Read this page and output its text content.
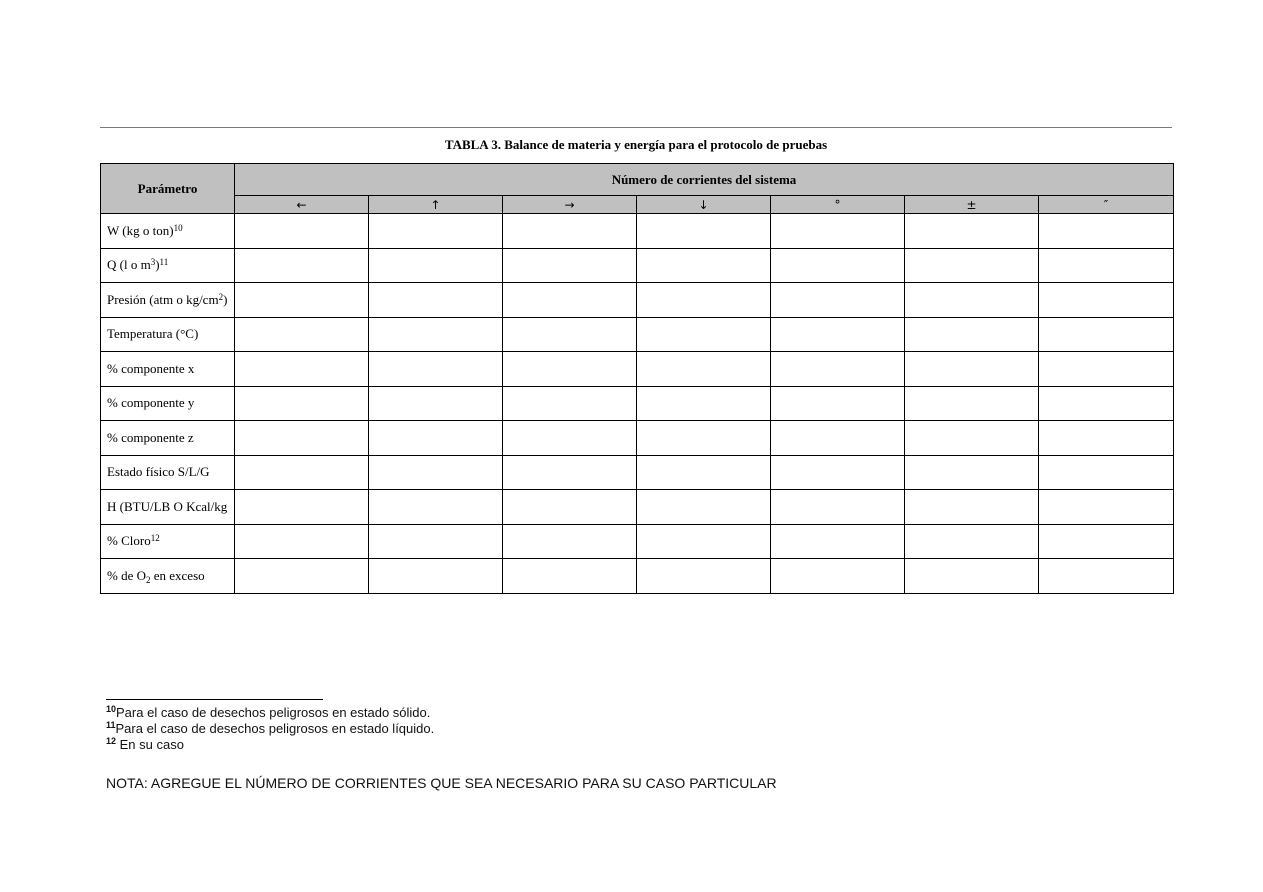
TABLA 3. Balance de materia y energía para el protocolo de pruebas
Parámetro	Número de corrientes del sistema						
	←	↑	→	↓	°	±	″

W (kg o ton)$^{10}$

Q (l o $m^3)^{11}$

Presión (atm o $kg/cm^2$)							

Temperatura (°C)							

% componente x							

% componente y							

% componente z							

Estado físico S/L/G							

H (BTU/LB O Kcal/kg							

% Cloro$^{12}$

% de $O_2$ en exceso							

$^{10}$Para el caso de desechos peligrosos en estado sólido.
$^{11}$Para el caso de desechos peligrosos en estado líquido.
$^{12}$ En su caso
NOTA: AGREGUE EL NÚMERO DE CORRIENTES QUE SEA NECESARIO PARA SU CASO PARTICULAR
